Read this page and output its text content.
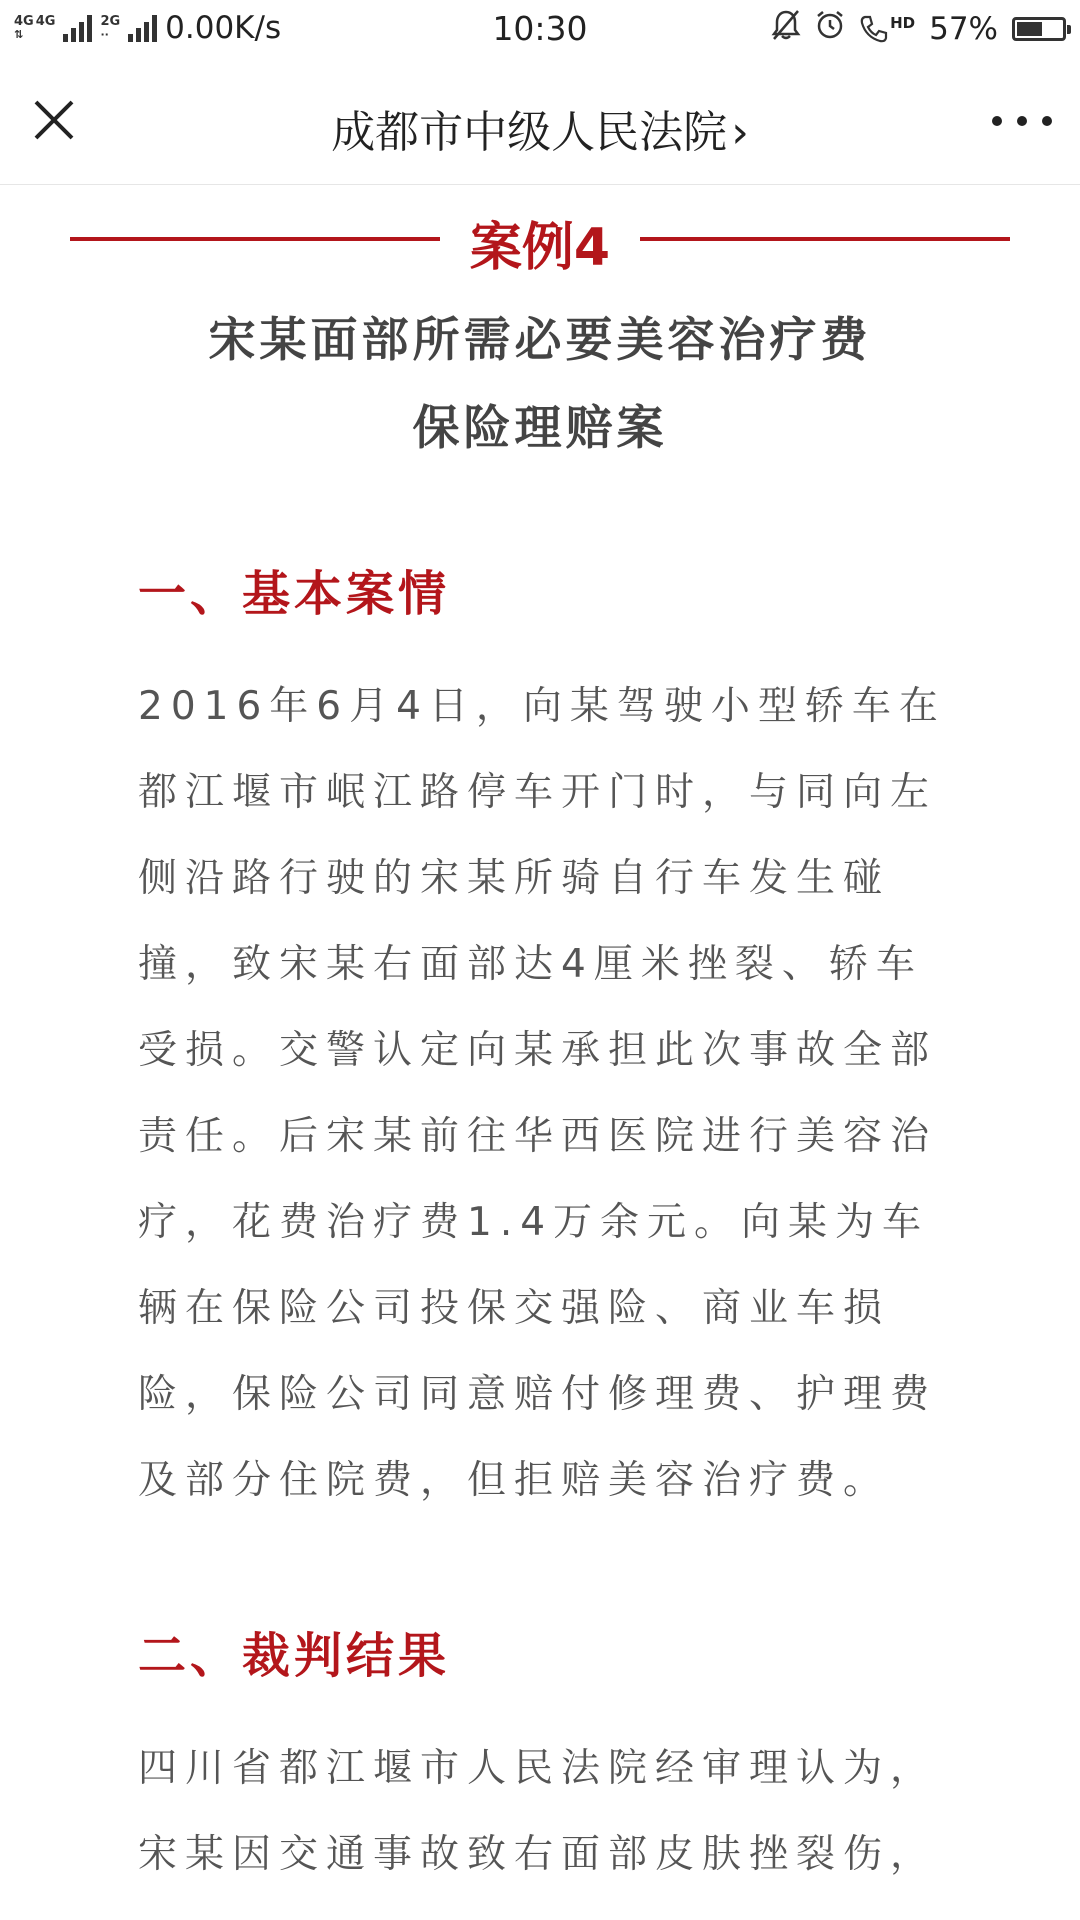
4G 4G
⇅
2G
·· 0.00K/s	10:30	HD 57%
成都市中级人民法院›
案例4
宋某面部所需必要美容治疗费
保险理赔案
一、基本案情
2016年6月4日，向某驾驶小型轿车在
都江堰市岷江路停车开门时，与同向左
侧沿路行驶的宋某所骑自行车发生碰
撞，致宋某右面部达4厘米挫裂、轿车
受损。交警认定向某承担此次事故全部
责任。后宋某前往华西医院进行美容治
疗，花费治疗费1.4万余元。向某为车
辆在保险公司投保交强险、商业车损
险，保险公司同意赔付修理费、护理费
及部分住院费，但拒赔美容治疗费。
二、裁判结果
四川省都江堰市人民法院经审理认为，
宋某因交通事故致右面部皮肤挫裂伤，
